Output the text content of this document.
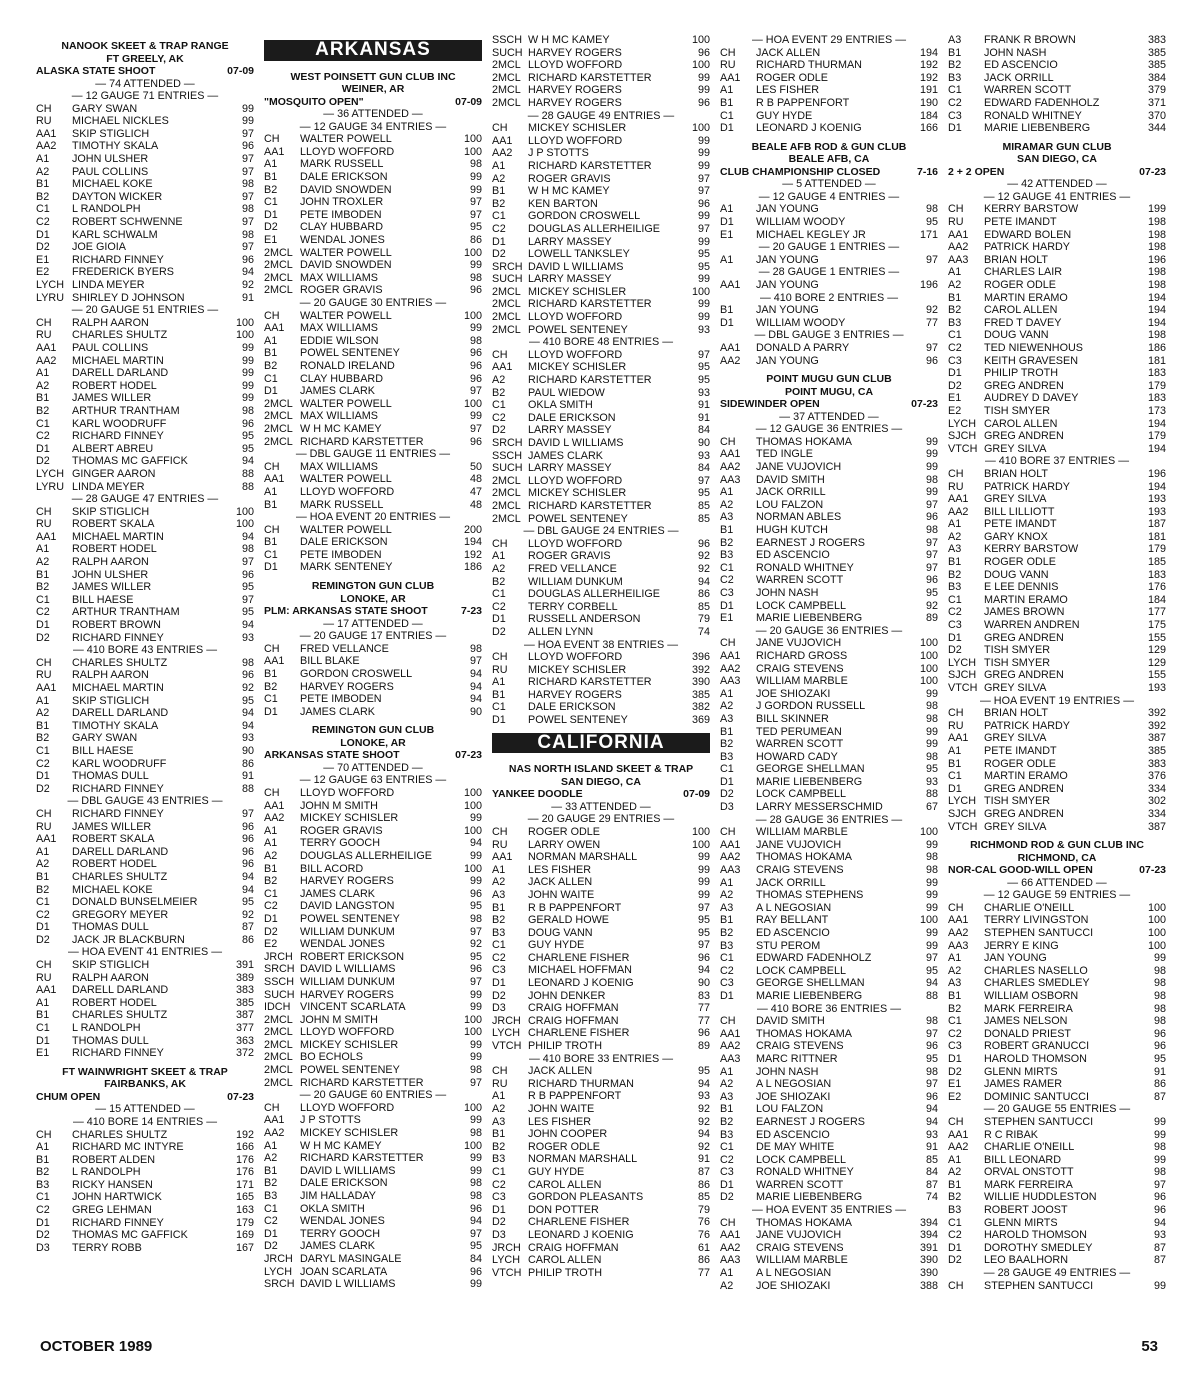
NANOOK SKEET & TRAP RANGE
FT GREELY, AK
ALASKA STATE SHOOT	07-09
— 74 ATTENDED —
— 12 GAUGE 71 ENTRIES —
CH	GARY SWAN	99
RU	MICHAEL NICKLES	99
AA1	SKIP STIGLICH	97
AA2	TIMOTHY SKALA	96
A1	JOHN ULSHER	97
A2	PAUL COLLINS	97
B1	MICHAEL KOKE	98
B2	DAYTON WICKER	97
C1	L RANDOLPH	98
C2	ROBERT SCHWENNE	97
D1	KARL SCHWALM	98
D2	JOE GIOIA	97
E1	RICHARD FINNEY	96
E2	FREDERICK BYERS	94
LYCH LINDA MEYER	92
LYRU SHIRLEY D JOHNSON	91
— 20 GAUGE 51 ENTRIES —
CH	RALPH AARON	100
RU	CHARLES SHULTZ	100
AA1	PAUL COLLINS	99
AA2	MICHAEL MARTIN	99
A1	DARELL DARLAND	99
A2	ROBERT HODEL	99
B1	JAMES WILLER	99
B2	ARTHUR TRANTHAM	98
C1	KARL WOODRUFF	96
C2	RICHARD FINNEY	95
D1	ALBERT ABREU	95
D2	THOMAS MC GAFFICK	94
LYCH GINGER AARON	88
LYRU LINDA MEYER	88
— 28 GAUGE 47 ENTRIES —
CH	SKIP STIGLICH	100
RU	ROBERT SKALA	100
AA1	MICHAEL MARTIN	94
A1	ROBERT HODEL	98
A2	RALPH AARON	97
B1	JOHN ULSHER	96
B2	JAMES WILLER	95
C1	BILL HAESE	97
C2	ARTHUR TRANTHAM	95
D1	ROBERT BROWN	94
D2	RICHARD FINNEY	93
— 410 BORE 43 ENTRIES —
CH	CHARLES SHULTZ	98
RU	RALPH AARON	96
AA1	MICHAEL MARTIN	92
A1	SKIP STIGLICH	95
A2	DARELL DARLAND	94
B1	TIMOTHY SKALA	94
B2	GARY SWAN	93
C1	BILL HAESE	90
C2	KARL WOODRUFF	86
D1	THOMAS DULL	91
D2	RICHARD FINNEY	88
— DBL GAUGE 43 ENTRIES —
CH	RICHARD FINNEY	97
RU	JAMES WILLER	96
AA1	ROBERT SKALA	96
A1	DARELL DARLAND	96
A2	ROBERT HODEL	96
B1	CHARLES SHULTZ	94
B2	MICHAEL KOKE	94
C1	DONALD BUNSELMEIER	95
C2	GREGORY MEYER	92
D1	THOMAS DULL	87
D2	JACK JR BLACKBURN	86
— HOA EVENT 41 ENTRIES —
CH	SKIP STIGLICH	391
RU	RALPH AARON	389
AA1	DARELL DARLAND	383
A1	ROBERT HODEL	385
B1	CHARLES SHULTZ	387
C1	L RANDOLPH	377
D1	THOMAS DULL	363
E1	RICHARD FINNEY	372
FT WAINWRIGHT SKEET & TRAP
FAIRBANKS, AK
CHUM OPEN	07-23
— 15 ATTENDED —
— 410 BORE 14 ENTRIES —
CH	CHARLES SHULTZ	192
A1	RICHARD MC INTYRE	166
B1	ROBERT ALDEN	176
B2	L RANDOLPH	176
B3	RICKY HANSEN	171
C1	JOHN HARTWICK	165
C2	GREG LEHMAN	163
D1	RICHARD FINNEY	179
D2	THOMAS MC GAFFICK	169
D3	TERRY ROBB	167
ARKANSAS
WEST POINSETT GUN CLUB INC
WEINER, AR
"MOSQUITO OPEN"	07-09
— 36 ATTENDED —
— 12 GAUGE 34 ENTRIES —
CH	WALTER POWELL	100
AA1	LLOYD WOFFORD	100
A1	MARK RUSSELL	98
B1	DALE ERICKSON	99
B2	DAVID SNOWDEN	99
C1	JOHN TROXLER	97
D1	PETE IMBODEN	97
D2	CLAY HUBBARD	95
E1	WENDAL JONES	86
2MCL WALTER POWELL	100
2MCL DAVID SNOWDEN	99
2MCL MAX WILLIAMS	98
2MCL ROGER GRAVIS	96
— 20 GAUGE 30 ENTRIES —
CH	WALTER POWELL	100
AA1	MAX WILLIAMS	99
A1	EDDIE WILSON	98
B1	POWEL SENTENEY	96
B2	RONALD IRELAND	96
C1	CLAY HUBBARD	96
D1	JAMES CLARK	97
2MCL WALTER POWELL	100
2MCL MAX WILLIAMS	99
2MCL W H MC KAMEY	97
2MCL RICHARD KARSTETTER	96
— DBL GAUGE 11 ENTRIES —
CH	MAX WILLIAMS	50
AA1	WALTER POWELL	48
A1	LLOYD WOFFORD	47
B1	MARK RUSSELL	48
— HOA EVENT 20 ENTRIES —
CH	WALTER POWELL	200
B1	DALE ERICKSON	194
C1	PETE IMBODEN	192
D1	MARK SENTENEY	186
REMINGTON GUN CLUB
LONOKE, AR
PLM: ARKANSAS STATE SHOOT	7-23
— 17 ATTENDED —
— 20 GAUGE 17 ENTRIES —
CH	FRED VELLANCE	98
AA1	BILL BLAKE	97
B1	GORDON CROSWELL	94
B2	HARVEY ROGERS	94
C1	PETE IMBODEN	94
D1	JAMES CLARK	90
REMINGTON GUN CLUB
LONOKE, AR
ARKANSAS STATE SHOOT	07-23
— 70 ATTENDED —
— 12 GAUGE 63 ENTRIES —
CH	LLOYD WOFFORD	100
AA1	JOHN M SMITH	100
AA2	MICKEY SCHISLER	99
A1	ROGER GRAVIS	100
A1	TERRY GOOCH	94
A2	DOUGLAS ALLERHEILIGE	99
B1	BILL ACORD	100
B2	HARVEY ROGERS	99
C1	JAMES CLARK	96
C2	DAVID LANGSTON	95
D1	POWEL SENTENEY	98
D2	WILLIAM DUNKUM	97
E2	WENDAL JONES	92
JRCH ROBERT ERICKSON	95
SRCH DAVID L WILLIAMS	96
SSCH WILLIAM DUNKUM	97
SUCH HARVEY ROGERS	99
IDCH VINCENT SCARLATA	99
2MCL JOHN M SMITH	100
2MCL LLOYD WOFFORD	100
2MCL MICKEY SCHISLER	99
2MCL BO ECHOLS	99
2MCL POWEL SENTENEY	98
2MCL RICHARD KARSTETTER	97
— 20 GAUGE 60 ENTRIES —
CH	LLOYD WOFFORD	100
AA1	J P STOTTS	99
AA2	MICKEY SCHISLER	98
A1	W H MC KAMEY	100
A2	RICHARD KARSTETTER	99
B1	DAVID L WILLIAMS	99
B2	DALE ERICKSON	98
B3	JIM HALLADAY	98
C1	OKLA SMITH	96
C2	WENDAL JONES	94
D1	TERRY GOOCH	97
D2	JAMES CLARK	95
JRCH DARYL MASINGALE	84
LYCH JOAN SCARLATA	96
SRCH DAVID L WILLIAMS	99
SSCH W H MC KAMEY	100
SUCH HARVEY ROGERS	96
2MCL LLOYD WOFFORD	100
2MCL RICHARD KARSTETTER	99
2MCL HARVEY ROGERS	99
2MCL HARVEY ROGERS	96
— 28 GAUGE 49 ENTRIES —
CH	MICKEY SCHISLER	100
AA1	LLOYD WOFFORD	99
AA2	J P STOTTS	99
A1	RICHARD KARSTETTER	99
A2	ROGER GRAVIS	97
B1	W H MC KAMEY	97
B2	KEN BARTON	96
C1	GORDON CROSWELL	99
C2	DOUGLAS ALLERHEILIGE	97
D1	LARRY MASSEY	99
D2	LOWELL TANKSLEY	95
SRCH DAVID L WILLIAMS	95
SUCH LARRY MASSEY	99
2MCL MICKEY SCHISLER	100
2MCL RICHARD KARSTETTER	99
2MCL LLOYD WOFFORD	99
2MCL POWEL SENTENEY	93
— 410 BORE 48 ENTRIES —
CH	LLOYD WOFFORD	97
AA1	MICKEY SCHISLER	95
A2	RICHARD KARSTETTER	95
B2	PAUL WIEDOW	93
C1	OKLA SMITH	91
C2	DALE ERICKSON	91
D2	LARRY MASSEY	84
SRCH DAVID L WILLIAMS	90
SSCH JAMES CLARK	93
SUCH LARRY MASSEY	84
2MCL LLOYD WOFFORD	97
2MCL MICKEY SCHISLER	95
2MCL RICHARD KARSTETTER	85
2MCL POWEL SENTENEY	85
— DBL GAUGE 24 ENTRIES —
CH	LLOYD WOFFORD	96
A1	ROGER GRAVIS	92
A2	FRED VELLANCE	92
B2	WILLIAM DUNKUM	94
C1	DOUGLAS ALLERHEILIGE	86
C2	TERRY CORBELL	85
D1	RUSSELL ANDERSON	79
D2	ALLEN LYNN	74
— HOA EVENT 38 ENTRIES —
CH	LLOYD WOFFORD	396
RU	MICKEY SCHISLER	392
A1	RICHARD KARSTETTER	390
B1	HARVEY ROGERS	385
C1	DALE ERICKSON	382
D1	POWEL SENTENEY	369
CALIFORNIA
NAS NORTH ISLAND SKEET & TRAP
SAN DIEGO, CA
YANKEE DOODLE	07-09
— 33 ATTENDED —
— 20 GAUGE 29 ENTRIES —
CH	ROGER ODLE	100
RU	LARRY OWEN	100
AA1	NORMAN MARSHALL	99
A1	LES FISHER	99
A2	JACK ALLEN	99
A3	JOHN WAITE	99
B1	R B PAPPENFORT	97
B2	GERALD HOWE	95
B3	DOUG VANN	95
C1	GUY HYDE	97
C2	CHARLENE FISHER	96
C3	MICHAEL HOFFMAN	94
D1	LEONARD J KOENIG	90
D2	JOHN DENKER	83
D3	CRAIG HOFFMAN	77
JRCH CRAIG HOFFMAN	77
LYCH CHARLENE FISHER	96
VTCH PHILIP TROTH	89
— 410 BORE 33 ENTRIES —
CH	JACK ALLEN	95
RU	RICHARD THURMAN	94
A1	R B PAPPENFORT	93
A2	JOHN WAITE	92
A3	LES FISHER	92
B1	JOHN COOPER	94
B2	ROGER ODLE	92
B3	NORMAN MARSHALL	91
C1	GUY HYDE	87
C2	CAROL ALLEN	86
C3	GORDON PLEASANTS	85
D1	DON POTTER	79
D2	CHARLENE FISHER	76
D3	LEONARD J KOENIG	76
JRCH CRAIG HOFFMAN	61
LYCH CAROL ALLEN	86
VTCH PHILIP TROTH	77
— HOA EVENT 29 ENTRIES —
CH	JACK ALLEN	194
RU	RICHARD THURMAN	192
AA1	ROGER ODLE	192
A1	LES FISHER	191
B1	R B PAPPENFORT	190
C1	GUY HYDE	184
D1	LEONARD J KOENIG	166
BEALE AFB ROD & GUN CLUB
BEALE AFB, CA
CLUB CHAMPIONSHIP CLOSED	7-16
— 5 ATTENDED —
— 12 GAUGE 4 ENTRIES —
A1	JAN YOUNG	98
D1	WILLIAM WOODY	95
E1	MICHAEL KEGLEY JR	171
— 20 GAUGE 1 ENTRIES —
A1	JAN YOUNG	97
— 28 GAUGE 1 ENTRIES —
AA1	JAN YOUNG	196
— 410 BORE 2 ENTRIES —
B1	JAN YOUNG	92
D1	WILLIAM WOODY	77
— DBL GAUGE 3 ENTRIES —
AA1	DONALD A PARRY	97
AA2	JAN YOUNG	96
POINT MUGU GUN CLUB
POINT MUGU, CA
SIDEWINDER OPEN	07-23
— 37 ATTENDED —
— 12 GAUGE 36 ENTRIES —
CH	THOMAS HOKAMA	99
AA1	TED INGLE	99
AA2	JANE VUJOVICH	99
AA3	DAVID SMITH	98
A1	JACK ORRILL	99
A2	LOU FALZON	97
A3	NORMAN ABLES	96
B1	HUGH KUTCH	98
B2	EARNEST J ROGERS	97
B3	ED ASCENCIO	97
C1	RONALD WHITNEY	97
C2	WARREN SCOTT	96
C3	JOHN NASH	95
D1	LOCK CAMPBELL	92
E1	MARIE LIEBENBERG	89
— 20 GAUGE 36 ENTRIES —
CH	JANE VUJOVICH	100
AA1	RICHARD GROSS	100
AA2	CRAIG STEVENS	100
AA3	WILLIAM MARBLE	100
A1	JOE SHIOZAKI	99
A2	J GORDON RUSSELL	98
A3	BILL SKINNER	98
B1	TED PERUMEAN	99
B2	WARREN SCOTT	99
B3	HOWARD CADY	98
C1	GEORGE SHELLMAN	95
D1	MARIE LIEBENBERG	93
D2	LOCK CAMPBELL	88
D3	LARRY MESSERSCHMID	67
— 28 GAUGE 36 ENTRIES —
CH	WILLIAM MARBLE	100
AA1	JANE VUJOVICH	99
AA2	THOMAS HOKAMA	98
AA3	CRAIG STEVENS	98
A1	JACK ORRILL	99
A2	THOMAS STEPHENS	99
A3	A L NEGOSIAN	99
B1	RAY BELLANT	100
B2	ED ASCENCIO	99
B3	STU PEROM	99
C1	EDWARD FADENHOLZ	97
C2	LOCK CAMPBELL	95
C3	GEORGE SHELLMAN	94
D1	MARIE LIEBENBERG	88
— 410 BORE 36 ENTRIES —
CH	DAVID SMITH	98
AA1	THOMAS HOKAMA	97
AA2	CRAIG STEVENS	96
AA3	MARC RITTNER	95
A1	JOHN NASH	98
A2	A L NEGOSIAN	97
A3	JOE SHIOZAKI	96
B1	LOU FALZON	94
B2	EARNEST J ROGERS	94
B3	ED ASCENCIO	93
C1	DE MAY WHITE	91
C2	LOCK CAMPBELL	85
C3	RONALD WHITNEY	84
D1	WARREN SCOTT	87
D2	MARIE LIEBENBERG	74
— HOA EVENT 35 ENTRIES —
CH	THOMAS HOKAMA	394
AA1	JANE VUJOVICH	394
AA2	CRAIG STEVENS	391
AA3	WILLIAM MARBLE	390
A1	A L NEGOSIAN	390
A2	JOE SHIOZAKI	388
A3	FRANK R BROWN	383
B1	JOHN NASH	385
B2	ED ASCENCIO	385
B3	JACK ORRILL	384
C1	WARREN SCOTT	379
C2	EDWARD FADENHOLZ	371
C3	RONALD WHITNEY	370
D1	MARIE LIEBENBERG	344
MIRAMAR GUN CLUB
SAN DIEGO, CA
2 + 2 OPEN	07-23
— 42 ATTENDED —
— 12 GAUGE 41 ENTRIES —
CH	KERRY BARSTOW	199
RU	PETE IMANDT	198
AA1	EDWARD BOLEN	198
AA2	PATRICK HARDY	198
AA3	BRIAN HOLT	196
A1	CHARLES LAIR	198
A2	ROGER ODLE	198
B1	MARTIN ERAMO	194
B2	CAROL ALLEN	194
B3	FRED T DAVEY	194
C1	DOUG VANN	198
C2	TED NIEWENHOUS	186
C3	KEITH GRAVESEN	181
D1	PHILIP TROTH	183
D2	GREG ANDREN	179
E1	AUDREY D DAVEY	183
E2	TISH SMYER	173
LYCH CAROL ALLEN	194
SJCH GREG ANDREN	179
VTCH GREY SILVA	194
— 410 BORE 37 ENTRIES —
CH	BRIAN HOLT	196
RU	PATRICK HARDY	194
AA1	GREY SILVA	193
AA2	BILL LILLIOTT	193
A1	PETE IMANDT	187
A2	GARY KNOX	181
A3	KERRY BARSTOW	179
B1	ROGER ODLE	185
B2	DOUG VANN	183
B3	E LEE DENNIS	176
C1	MARTIN ERAMO	184
C2	JAMES BROWN	177
C3	WARREN ANDREN	175
D1	GREG ANDREN	155
D2	TISH SMYER	129
LYCH TISH SMYER	129
SJCH GREG ANDREN	155
VTCH GREY SILVA	193
— HOA EVENT 19 ENTRIES —
CH	BRIAN HOLT	392
RU	PATRICK HARDY	392
AA1	GREY SILVA	387
A1	PETE IMANDT	385
B1	ROGER ODLE	383
C1	MARTIN ERAMO	376
D1	GREG ANDREN	334
LYCH TISH SMYER	302
SJCH GREG ANDREN	334
VTCH GREY SILVA	387
RICHMOND ROD & GUN CLUB INC
RICHMOND, CA
NOR-CAL GOOD-WILL OPEN	07-23
— 66 ATTENDED —
— 12 GAUGE 59 ENTRIES —
CH	CHARLIE O'NEILL	100
AA1	TERRY LIVINGSTON	100
AA2	STEPHEN SANTUCCI	100
AA3	JERRY E KING	100
A1	JAN YOUNG	99
A2	CHARLES NASELLO	98
A3	CHARLES SMEDLEY	98
B1	WILLIAM OSBORN	98
B2	MARK FERREIRA	98
C1	JAMES NELSON	98
C2	DONALD PRIEST	96
C3	ROBERT GRANUCCI	96
D1	HAROLD THOMSON	95
D2	GLENN MIRTS	91
E1	JAMES RAMER	86
E2	DOMINIC SANTUCCI	87
— 20 GAUGE 55 ENTRIES —
CH	STEPHEN SANTUCCI	99
AA1	R C RIBAK	99
AA2	CHARLIE O'NEILL	98
A1	BILL LEONARD	99
A2	ORVAL ONSTOTT	98
B1	MARK FERREIRA	97
B2	WILLIE HUDDLESTON	96
B3	ROBERT JOOST	96
C1	GLENN MIRTS	94
C2	HAROLD THOMSON	93
D1	DOROTHY SMEDLEY	87
D2	LEO BAALHORN	87
— 28 GAUGE 49 ENTRIES —
CH	STEPHEN SANTUCCI	99
OCTOBER 1989	53
